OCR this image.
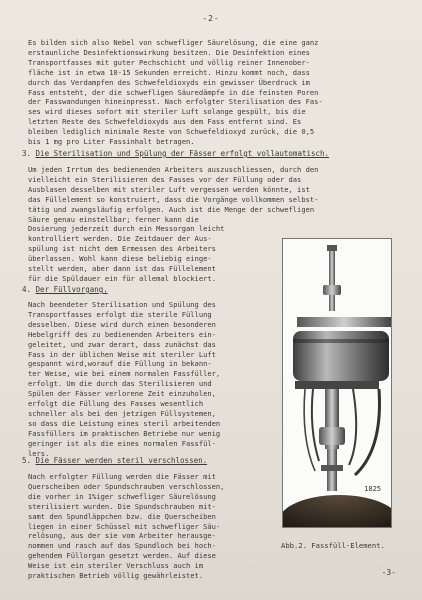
-2-
Es bilden sich also Nebel von schwefliger Säurelösung, die eine ganz
erstaunliche Desinfektionswirkung besitzen. Die Desinfektion eines
Transportfasses mit guter Pechschicht und völlig reiner Innenober-
fläche ist in etwa 10-15 Sekunden erreicht. Hinzu kommt noch, dass
durch das Verdampfen des Schwefeldioxyds ein gewisser Überdruck im
Fass entsteht, der die schwefligen Säuredämpfe in die feinsten Poren
der Fasswandungen hineinpresst. Nach erfolgter Sterilisation des Fas-
ses wird dieses sofort mit steriler Luft solange gespült, bis die
letzten Reste des Schwefeldioxyds aus dem Fass entfernt sind. Es
bleiben lediglich minimale Reste von Schwefeldioxyd zurück, die 0,5
bis 1 mg pro Liter Fassinhalt betragen.
3. Die Sterilisation und Spülung der Fässer erfolgt vollautomatisch.
Um jeden Irrtum des bedienenden Arbeiters auszuschliessen, durch den
vielleicht ein Sterilisieren des Fasses vor der Füllung oder das
Ausblasen desselben mit steriler Luft vergessen werden könnte, ist
das Füllelement so konstruiert, dass die Vorgänge vollkommen selbst-
tätig und zwangsläufig erfolgen. Auch ist die Menge der schwefligen
Säure genau einstellbar; ferner kann die
Dosierung jederzeit durch ein Messorgan leicht
kontrolliert werden. Die Zeitdauer der Aus-
spülung ist nicht dem Ermessen des Arbeiters
überlassen. Wohl kann diese beliebig einge-
stellt werden, aber dann ist das Füllelement
für die Spüldauer ein für allemal blockiert.
4. Der Füllvorgang.
Nach beendeter Sterilisation und Spülung des
Transportfasses erfolgt die sterile Füllung
desselben. Diese wird durch einen besonderen
Hebelgriff des zu bedienenden Arbeiters ein-
geleitet, und zwar derart, dass zunächst das
Fass in der üblichen Weise mit steriler Luft
gespannt wird,worauf die Füllung in bekann-
ter Weise, wie bei einem normalen Fassfüller,
erfolgt. Um die durch das Sterilisieren und
Spülen der Fässer verlorene Zeit einzuholen,
erfolgt die Füllung des Fasses wesentlich
schneller als bei den jetzigen Füllsystemen,
so dass die Leistung eines steril arbeitenden
Fassfüllers im praktischen Betriebe nur wenig
geringer ist als die eines normalen Fassfül-
lers.
5. Die Fässer werden steril verschlossen.
Nach erfolgter Füllung werden die Fässer mit
Querscheiben oder Spundschrauben verschlossen,
die vorher in 1%iger schwefliger Säurelösung
sterilisiert wurden. Die Spundschrauben mit-
samt den Spundläppchen bzw. die Querscheiben
liegen in einer Schüssel mit schwefliger Säu-
relösung, aus der sie vom Arbeiter herausge-
nommen und rasch auf das Spundloch bei hoch-
gehendem Füllorgan gesetzt werden. Auf diese
Weise ist ein steriler Verschluss auch im
praktischen Betrieb völlig gewährleistet.
1825
Abb.2. Fassfüll-Element.
-3-
